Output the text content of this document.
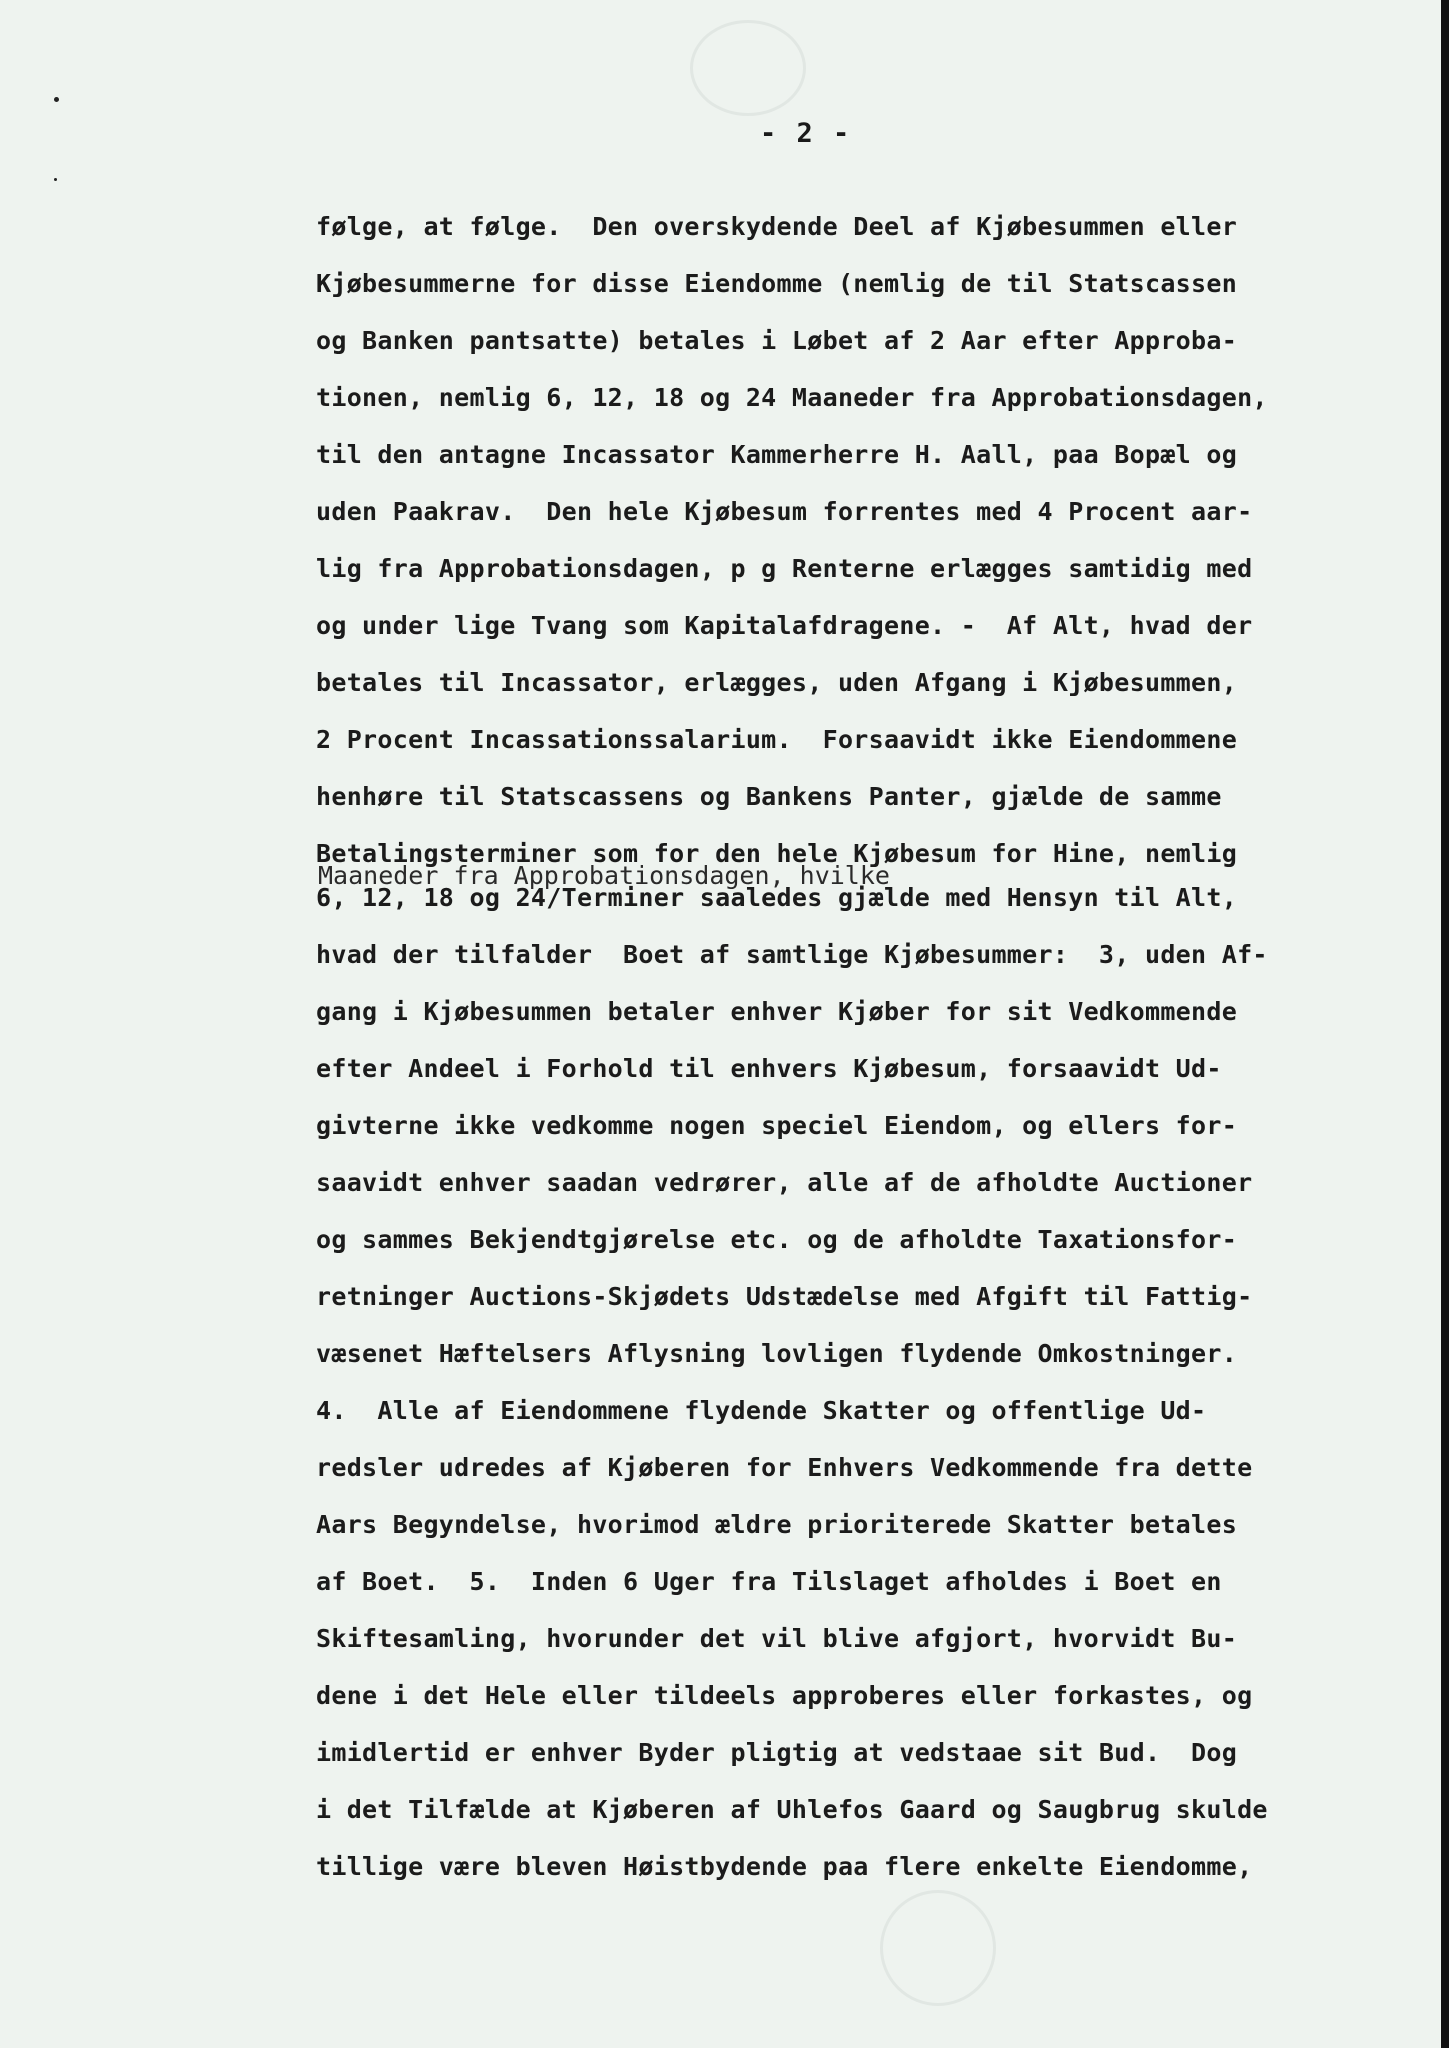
- 2 -
Maaneder fra Approbationsdagen, hvilke
følge, at følge.  Den overskydende Deel af Kjøbesummen eller
Kjøbesummerne for disse Eiendomme (nemlig de til Statscassen
og Banken pantsatte) betales i Løbet af 2 Aar efter Approba-
tionen, nemlig 6, 12, 18 og 24 Maaneder fra Approbationsdagen,
til den antagne Incassator Kammerherre H. Aall, paa Bopæl og
uden Paakrav.  Den hele Kjøbesum forrentes med 4 Procent aar-
lig fra Approbationsdagen, p g Renterne erlægges samtidig med
og under lige Tvang som Kapitalafdragene. -  Af Alt, hvad der
betales til Incassator, erlægges, uden Afgang i Kjøbesummen,
2 Procent Incassationssalarium.  Forsaavidt ikke Eiendommene
henhøre til Statscassens og Bankens Panter, gjælde de samme
Betalingsterminer som for den hele Kjøbesum for Hine, nemlig
6, 12, 18 og 24/Terminer saaledes gjælde med Hensyn til Alt,
hvad der tilfalder  Boet af samtlige Kjøbesummer:  3, uden Af-
gang i Kjøbesummen betaler enhver Kjøber for sit Vedkommende
efter Andeel i Forhold til enhvers Kjøbesum, forsaavidt Ud-
givterne ikke vedkomme nogen speciel Eiendom, og ellers for-
saavidt enhver saadan vedrører, alle af de afholdte Auctioner
og sammes Bekjendtgjørelse etc. og de afholdte Taxationsfor-
retninger Auctions-Skjødets Udstædelse med Afgift til Fattig-
væsenet Hæftelsers Aflysning lovligen flydende Omkostninger.
4.  Alle af Eiendommene flydende Skatter og offentlige Ud-
redsler udredes af Kjøberen for Enhvers Vedkommende fra dette
Aars Begyndelse, hvorimod ældre prioriterede Skatter betales
af Boet.  5.  Inden 6 Uger fra Tilslaget afholdes i Boet en
Skiftesamling, hvorunder det vil blive afgjort, hvorvidt Bu-
dene i det Hele eller tildeels approberes eller forkastes, og
imidlertid er enhver Byder pligtig at vedstaae sit Bud.  Dog
i det Tilfælde at Kjøberen af Uhlefos Gaard og Saugbrug skulde
tillige være bleven Høistbydende paa flere enkelte Eiendomme,
